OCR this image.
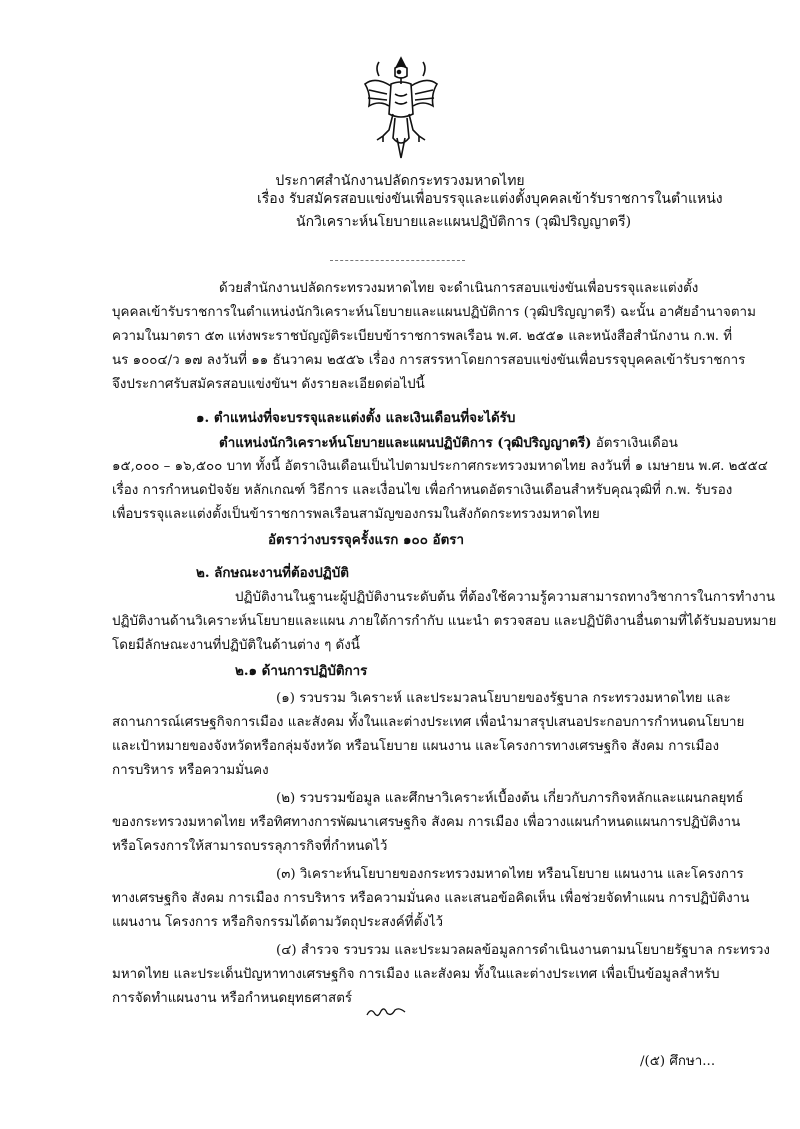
ประกาศสำนักงานปลัดกระทรวงมหาดไทย
เรื่อง รับสมัครสอบแข่งขันเพื่อบรรจุและแต่งตั้งบุคคลเข้ารับราชการในตำแหน่ง
นักวิเคราะห์นโยบายและแผนปฏิบัติการ (วุฒิปริญญาตรี)
ด้วยสำนักงานปลัดกระทรวงมหาดไทย จะดำเนินการสอบแข่งขันเพื่อบรรจุและแต่งตั้ง
บุคคลเข้ารับราชการในตำแหน่งนักวิเคราะห์นโยบายและแผนปฏิบัติการ (วุฒิปริญญาตรี) ฉะนั้น อาศัยอำนาจตาม
ความในมาตรา ๕๓ แห่งพระราชบัญญัติระเบียบข้าราชการพลเรือน พ.ศ. ๒๕๕๑ และหนังสือสำนักงาน ก.พ. ที่
นร ๑๐๐๔/ว ๑๗ ลงวันที่ ๑๑ ธันวาคม ๒๕๕๖ เรื่อง การสรรหาโดยการสอบแข่งขันเพื่อบรรจุบุคคลเข้ารับราชการ
จึงประกาศรับสมัครสอบแข่งขันฯ ดังรายละเอียดต่อไปนี้
๑. ตำแหน่งที่จะบรรจุและแต่งตั้ง และเงินเดือนที่จะได้รับ
ตำแหน่งนักวิเคราะห์นโยบายและแผนปฏิบัติการ (วุฒิปริญญาตรี) อัตราเงินเดือน
๑๕,๐๐๐ – ๑๖,๕๐๐ บาท ทั้งนี้ อัตราเงินเดือนเป็นไปตามประกาศกระทรวงมหาดไทย ลงวันที่ ๑ เมษายน พ.ศ. ๒๕๕๔
เรื่อง การกำหนดปัจจัย หลักเกณฑ์ วิธีการ และเงื่อนไข เพื่อกำหนดอัตราเงินเดือนสำหรับคุณวุฒิที่ ก.พ. รับรอง
เพื่อบรรจุและแต่งตั้งเป็นข้าราชการพลเรือนสามัญของกรมในสังกัดกระทรวงมหาดไทย
อัตราว่างบรรจุครั้งแรก ๑๐๐ อัตรา
๒. ลักษณะงานที่ต้องปฏิบัติ
ปฏิบัติงานในฐานะผู้ปฏิบัติงานระดับต้น ที่ต้องใช้ความรู้ความสามารถทางวิชาการในการทำงาน
ปฏิบัติงานด้านวิเคราะห์นโยบายและแผน ภายใต้การกำกับ แนะนำ ตรวจสอบ และปฏิบัติงานอื่นตามที่ได้รับมอบหมาย
โดยมีลักษณะงานที่ปฏิบัติในด้านต่าง ๆ ดังนี้
๒.๑ ด้านการปฏิบัติการ
(๑) รวบรวม วิเคราะห์ และประมวลนโยบายของรัฐบาล กระทรวงมหาดไทย และ
สถานการณ์เศรษฐกิจการเมือง และสังคม ทั้งในและต่างประเทศ เพื่อนำมาสรุปเสนอประกอบการกำหนดนโยบาย
และเป้าหมายของจังหวัดหรือกลุ่มจังหวัด หรือนโยบาย แผนงาน และโครงการทางเศรษฐกิจ สังคม การเมือง
การบริหาร หรือความมั่นคง
(๒) รวบรวมข้อมูล และศึกษาวิเคราะห์เบื้องต้น เกี่ยวกับภารกิจหลักและแผนกลยุทธ์
ของกระทรวงมหาดไทย หรือทิศทางการพัฒนาเศรษฐกิจ สังคม การเมือง เพื่อวางแผนกำหนดแผนการปฏิบัติงาน
หรือโครงการให้สามารถบรรลุภารกิจที่กำหนดไว้
(๓) วิเคราะห์นโยบายของกระทรวงมหาดไทย หรือนโยบาย แผนงาน และโครงการ
ทางเศรษฐกิจ สังคม การเมือง การบริหาร หรือความมั่นคง และเสนอข้อคิดเห็น เพื่อช่วยจัดทำแผน การปฏิบัติงาน
แผนงาน โครงการ หรือกิจกรรมได้ตามวัตถุประสงค์ที่ตั้งไว้
(๔) สำรวจ รวบรวม และประมวลผลข้อมูลการดำเนินงานตามนโยบายรัฐบาล กระทรวง
มหาดไทย และประเด็นปัญหาทางเศรษฐกิจ การเมือง และสังคม ทั้งในและต่างประเทศ เพื่อเป็นข้อมูลสำหรับ
การจัดทำแผนงาน หรือกำหนดยุทธศาสตร์
/(๕) ศึกษา...
